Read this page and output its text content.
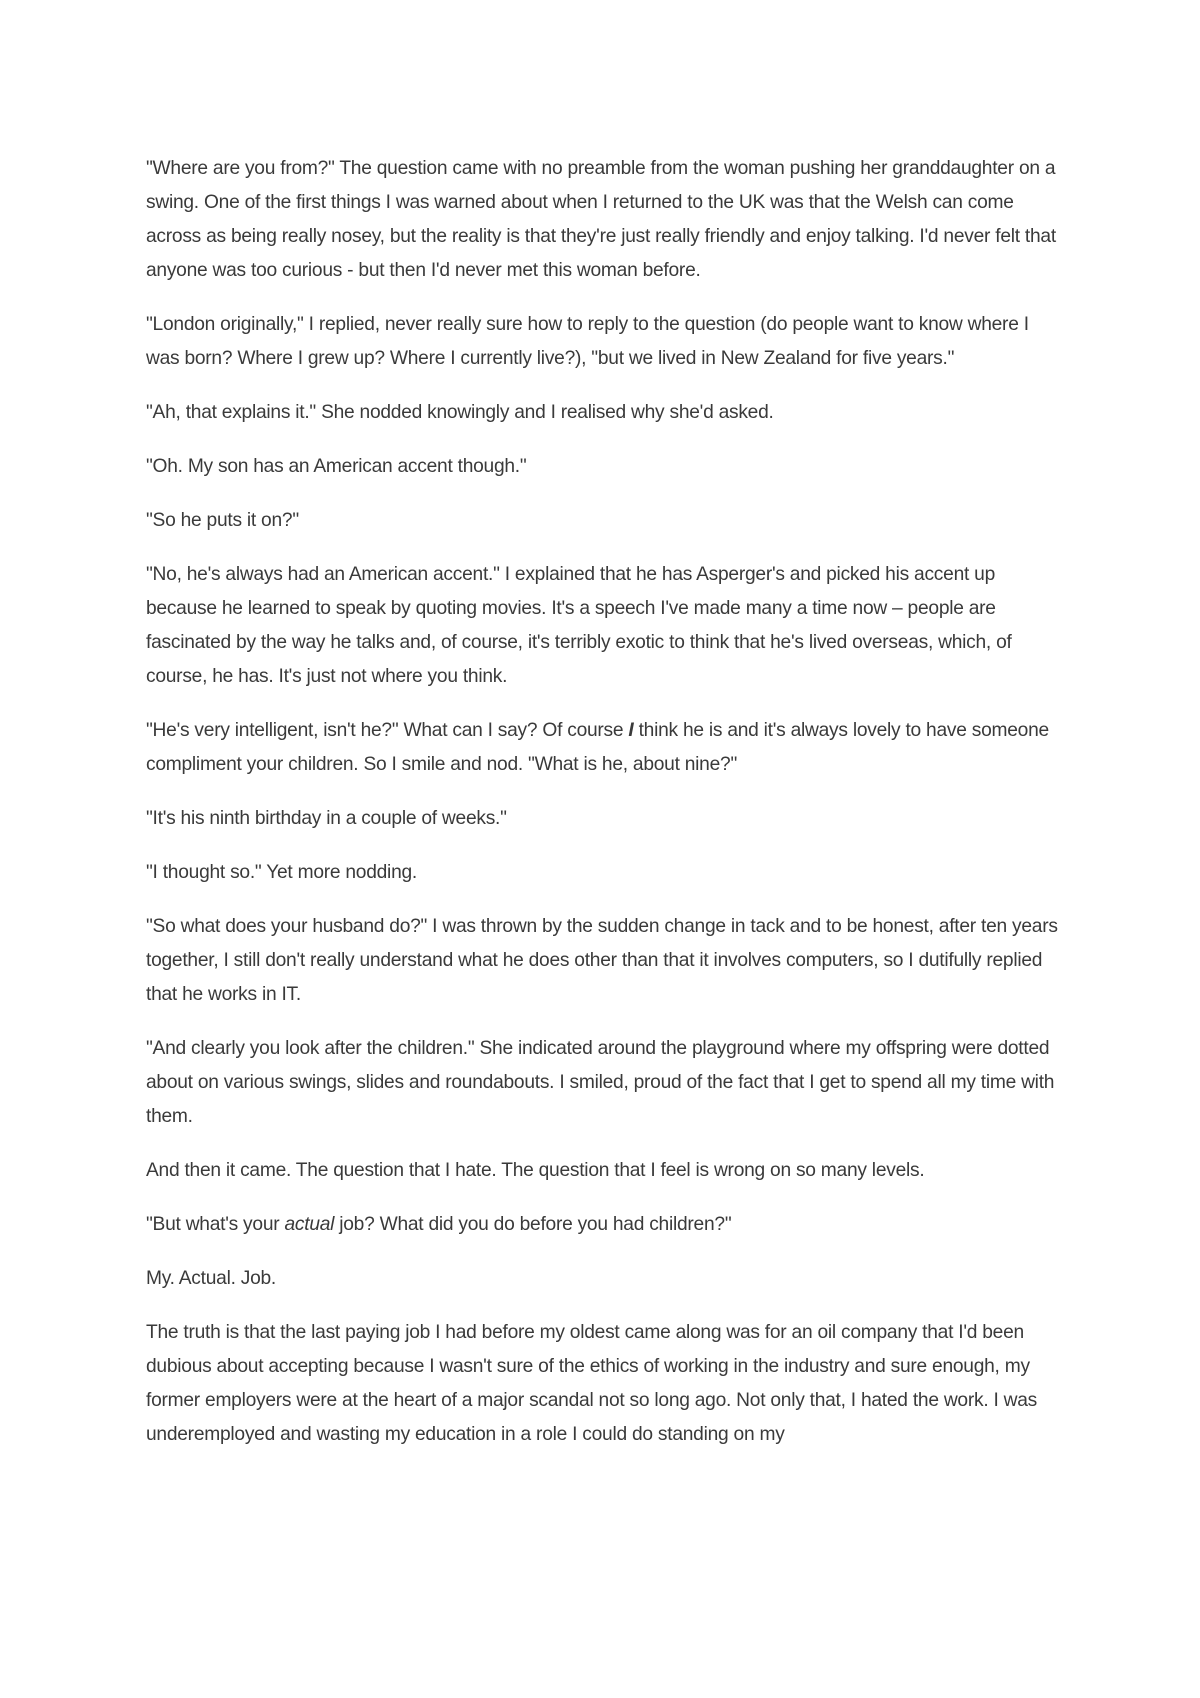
"Where are you from?" The question came with no preamble from the woman pushing her granddaughter on a swing. One of the first things I was warned about when I returned to the UK was that the Welsh can come across as being really nosey, but the reality is that they're just really friendly and enjoy talking. I'd never felt that anyone was too curious - but then I'd never met this woman before.

"London originally," I replied, never really sure how to reply to the question (do people want to know where I was born? Where I grew up? Where I currently live?), "but we lived in New Zealand for five years."

"Ah, that explains it." She nodded knowingly and I realised why she'd asked.

"Oh. My son has an American accent though."

"So he puts it on?"

"No, he's always had an American accent." I explained that he has Asperger's and picked his accent up because he learned to speak by quoting movies. It's a speech I've made many a time now – people are fascinated by the way he talks and, of course, it's terribly exotic to think that he's lived overseas, which, of course, he has. It's just not where you think.

"He's very intelligent, isn't he?" What can I say? Of course I think he is and it's always lovely to have someone compliment your children. So I smile and nod. "What is he, about nine?"

"It's his ninth birthday in a couple of weeks."

"I thought so." Yet more nodding.

"So what does your husband do?" I was thrown by the sudden change in tack and to be honest, after ten years together, I still don't really understand what he does other than that it involves computers, so I dutifully replied that he works in IT.

"And clearly you look after the children." She indicated around the playground where my offspring were dotted about on various swings, slides and roundabouts. I smiled, proud of the fact that I get to spend all my time with them.

And then it came. The question that I hate. The question that I feel is wrong on so many levels.

"But what's your actual job? What did you do before you had children?"

My. Actual. Job.

The truth is that the last paying job I had before my oldest came along was for an oil company that I'd been dubious about accepting because I wasn't sure of the ethics of working in the industry and sure enough, my former employers were at the heart of a major scandal not so long ago. Not only that, I hated the work. I was underemployed and wasting my education in a role I could do standing on my
